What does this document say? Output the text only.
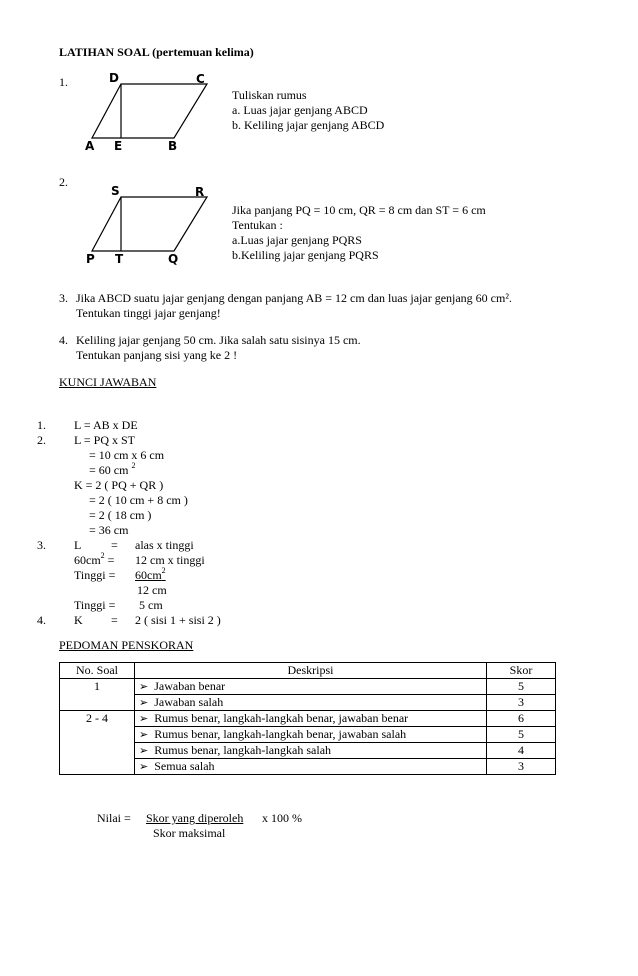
LATIHAN SOAL (pertemuan kelima)
1.	D	C
A E	B
Tuliskan rumus
a. Luas jajar genjang ABCD
b. Keliling jajar genjang ABCD
2.
S	R
P T	Q
Jika panjang PQ = 10 cm, QR = 8 cm dan ST = 6 cm
Tentukan :
a.Luas jajar genjang PQRS
b.Keliling jajar genjang PQRS
3. Jika ABCD suatu jajar genjang dengan panjang AB = 12 cm dan luas jajar genjang 60 cm².
Tentukan tinggi jajar genjang!
4. Keliling jajar genjang 50 cm. Jika salah satu sisinya 15 cm.
Tentukan panjang sisi yang ke 2 !
KUNCI JAWABAN
1. L = AB x DE
2. L = PQ x ST
= 10 cm x 6 cm
= 60 cm $^2$
K = 2 ( PQ + QR )
= 2 ( 10 cm + 8 cm )
= 2 ( 18 cm )
= 36 cm
3. L = alas x tinggi
$60cm^2 = 12$ cm x tinggi
Tinggi = $60cm^2$
12 cm
Tinggi = 5 cm
4. K = 2 ( sisi 1 + sisi 2 )
PEDOMAN PENSKORAN
No. Soal	Deskripsi	Skor
1	➢ Jawaban benar	5
	➢ Jawaban salah	3
2 - 4	➢ Rumus benar, langkah-langkah benar, jawaban benar	6
	➢ Rumus benar, langkah-langkah benar, jawaban salah	5
	➢ Rumus benar, langkah-langkah salah	4
	➢ Semua salah	3
Nilai = Skor yang diperoleh x 100 %
Skor maksimal
